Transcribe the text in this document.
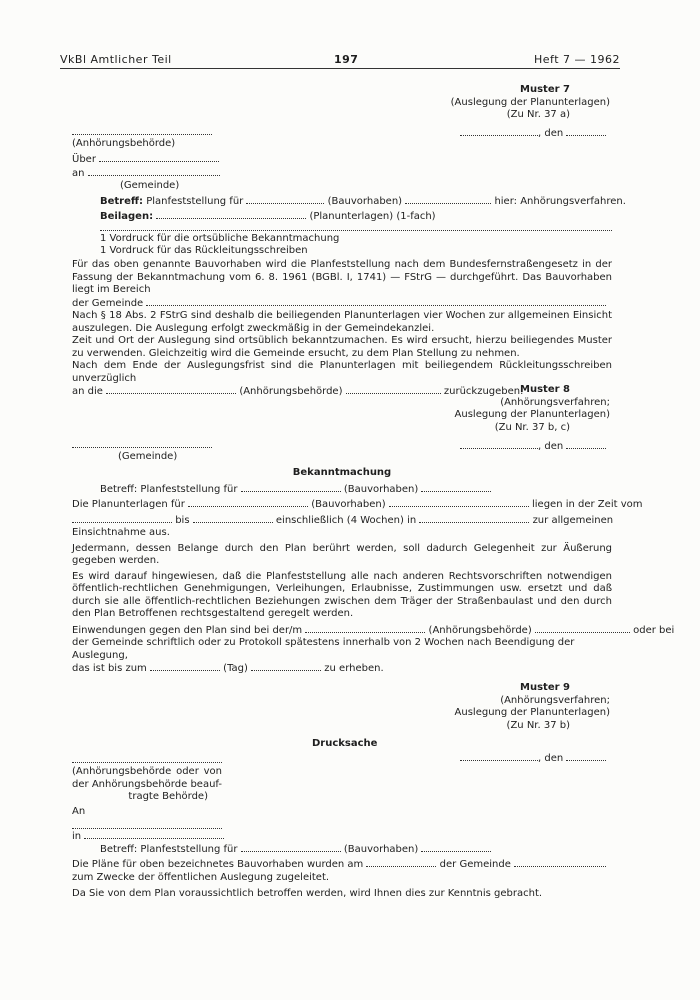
VkBl Amtlicher Teil	197	Heft 7 — 1962

Muster 7

(Auslegung der Planunterlagen)

(Zu Nr. 37 a)

, den

(Anhörungsbehörde)

Über
an

(Gemeinde)

Betreff: Planfeststellung für	(Bauvorhaben)	hier: Anhörungsverfahren.
Beilagen:	(Planunterlagen) (1-fach)

1 Vordruck für die ortsübliche Bekanntmachung

1 Vordruck für das Rückleitungsschreiben

Für das oben genannte Bauvorhaben wird die Planfeststellung nach dem Bundesfernstraßengesetz in der Fassung der Bekanntmachung vom 6. 8. 1961 (BGBl. I, 1741) — FStrG — durchgeführt. Das Bauvorhaben liegt im Bereich

der Gemeinde

Nach § 18 Abs. 2 FStrG sind deshalb die beiliegenden Planunterlagen vier Wochen zur allgemeinen Einsicht auszulegen. Die Auslegung erfolgt zweckmäßig in der Gemeindekanzlei.

Zeit und Ort der Auslegung sind ortsüblich bekanntzumachen. Es wird ersucht, hierzu beiliegendes Muster zu verwenden. Gleichzeitig wird die Gemeinde ersucht, zu dem Plan Stellung zu nehmen.

Nach dem Ende der Auslegungsfrist sind die Planunterlagen mit beiliegendem Rückleitungsschreiben unverzüglich

an die	(Anhörungsbehörde)	zurückzugeben.

Muster 8

(Anhörungsverfahren;

Auslegung der Planunterlagen)

(Zu Nr. 37 b, c)

, den

(Gemeinde)

Bekanntmachung

Betreff: Planfeststellung für	(Bauvorhaben)

Die Planunterlagen für	(Bauvorhaben)	liegen in der Zeit vom

bis	einschließlich (4 Wochen) in	zur allgemeinen

Einsichtnahme aus.

Jedermann, dessen Belange durch den Plan berührt werden, soll dadurch Gelegenheit zur Äußerung gegeben werden.

Es wird darauf hingewiesen, daß die Planfeststellung alle nach anderen Rechtsvorschriften notwendigen öffentlich-rechtlichen Genehmigungen, Verleihungen, Erlaubnisse, Zustimmungen usw. ersetzt und daß durch sie alle öffentlich-rechtlichen Beziehungen zwischen dem Träger der Straßenbaulast und den durch den Plan Betroffenen rechtsgestaltend geregelt werden.

Einwendungen gegen den Plan sind bei der/m	(Anhörungsbehörde)	oder bei

der Gemeinde schriftlich oder zu Protokoll spätestens innerhalb von 2 Wochen nach Beendigung der Auslegung,

das ist bis zum	(Tag)	zu erheben.

Muster 9

(Anhörungsverfahren;

Auslegung der Planunterlagen)

(Zu Nr. 37 b)

Drucksache

, den

(Anhörungsbehörde oder von

der Anhörungsbehörde beauf-

tragte Behörde)

An

in
Betreff: Planfeststellung für	(Bauvorhaben)

Die Pläne für oben bezeichnetes Bauvorhaben wurden am	der Gemeinde

zum Zwecke der öffentlichen Auslegung zugeleitet.

Da Sie von dem Plan voraussichtlich betroffen werden, wird Ihnen dies zur Kenntnis gebracht.
